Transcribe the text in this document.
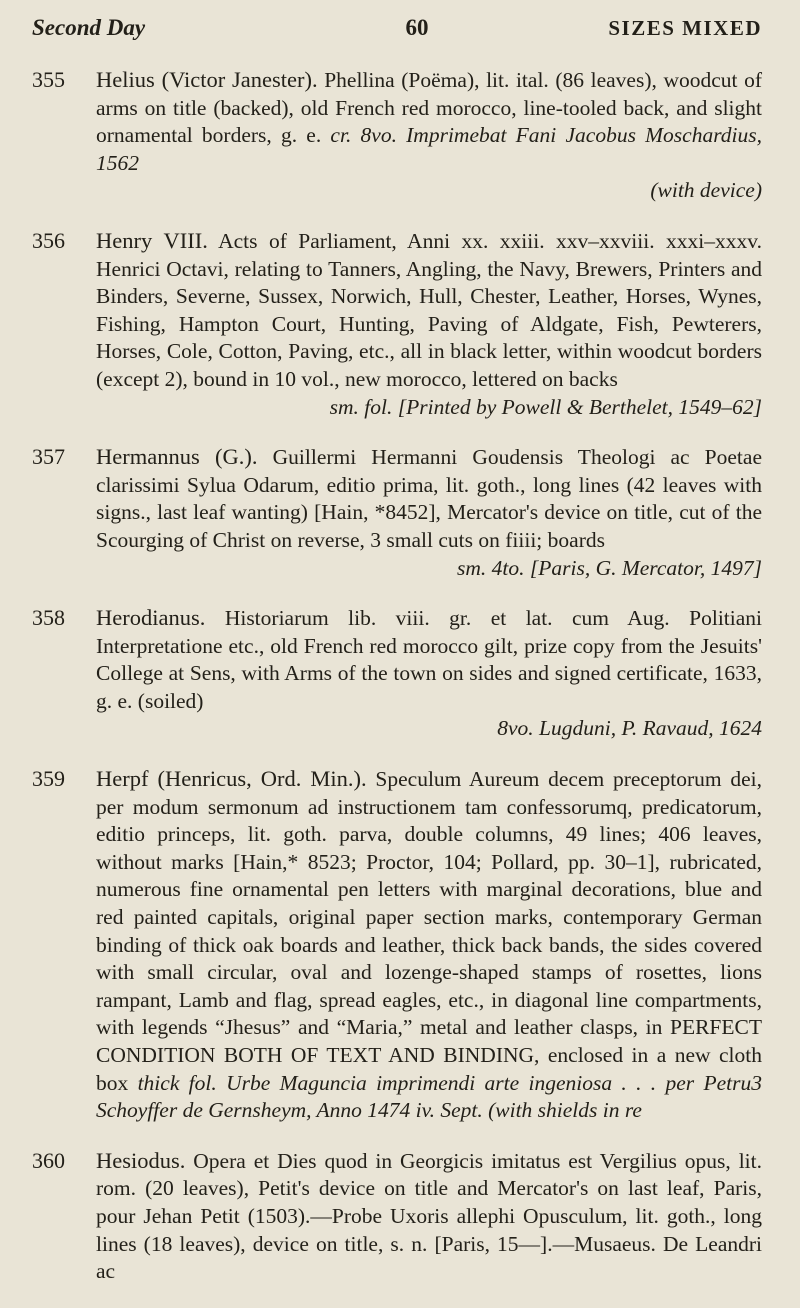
Second Day	60	SIZES MIXED
355	Helius (Victor Janester). Phellina (Poëma), lit. ital. (86 leaves), woodcut of arms on title (backed), old French red morocco, line-tooled back, and slight ornamental borders, g. e. cr. 8vo. Imprimebat Fani Jacobus Moschardius, 1562
(with device)
356	Henry VIII. Acts of Parliament, Anni xx. xxiii. xxv–xxviii. xxxi–xxxv. Henrici Octavi, relating to Tanners, Angling, the Navy, Brewers, Printers and Binders, Severne, Sussex, Norwich, Hull, Chester, Leather, Horses, Wynes, Fishing, Hampton Court, Hunting, Paving of Aldgate, Fish, Pewterers, Horses, Cole, Cotton, Paving, etc., all in black letter, within woodcut borders (except 2), bound in 10 vol., new morocco, lettered on backs
sm. fol. [Printed by Powell & Berthelet, 1549–62]
357	Hermannus (G.). Guillermi Hermanni Goudensis Theologi ac Poetae clarissimi Sylua Odarum, editio prima, lit. goth., long lines (42 leaves with signs., last leaf wanting) [Hain, *8452], Mercator's device on title, cut of the Scourging of Christ on reverse, 3 small cuts on fiiii; boards
sm. 4to. [Paris, G. Mercator, 1497]
358	Herodianus. Historiarum lib. viii. gr. et lat. cum Aug. Politiani Interpretatione etc., old French red morocco gilt, prize copy from the Jesuits' College at Sens, with Arms of the town on sides and signed certificate, 1633, g. e. (soiled)
8vo. Lugduni, P. Ravaud, 1624
359	Herpf (Henricus, Ord. Min.). Speculum Aureum decem preceptorum dei, per modum sermonum ad instructionem tam confessorumq, predicatorum, editio princeps, lit. goth. parva, double columns, 49 lines; 406 leaves, without marks [Hain,* 8523; Proctor, 104; Pollard, pp. 30–1], rubricated, numerous fine ornamental pen letters with marginal decorations, blue and red painted capitals, original paper section marks, contemporary German binding of thick oak boards and leather, thick back bands, the sides covered with small circular, oval and lozenge-shaped stamps of rosettes, lions rampant, Lamb and flag, spread eagles, etc., in diagonal line compartments, with legends “Jhesus” and “Maria,” metal and leather clasps, in PERFECT CONDITION BOTH OF TEXT AND BINDING, enclosed in a new cloth box thick fol. Urbe Maguncia imprimendi arte ingeniosa . . . per Petru3 Schoyffer de Gernsheym, Anno 1474 iv. Sept. (with shields in re
360	Hesiodus. Opera et Dies quod in Georgicis imitatus est Vergilius opus, lit. rom. (20 leaves), Petit's device on title and Mercator's on last leaf, Paris, pour Jehan Petit (1503).—Probe Uxoris allephi Opusculum, lit. goth., long lines (18 leaves), device on title, s. n. [Paris, 15—].—Musaeus. De Leandri ac
